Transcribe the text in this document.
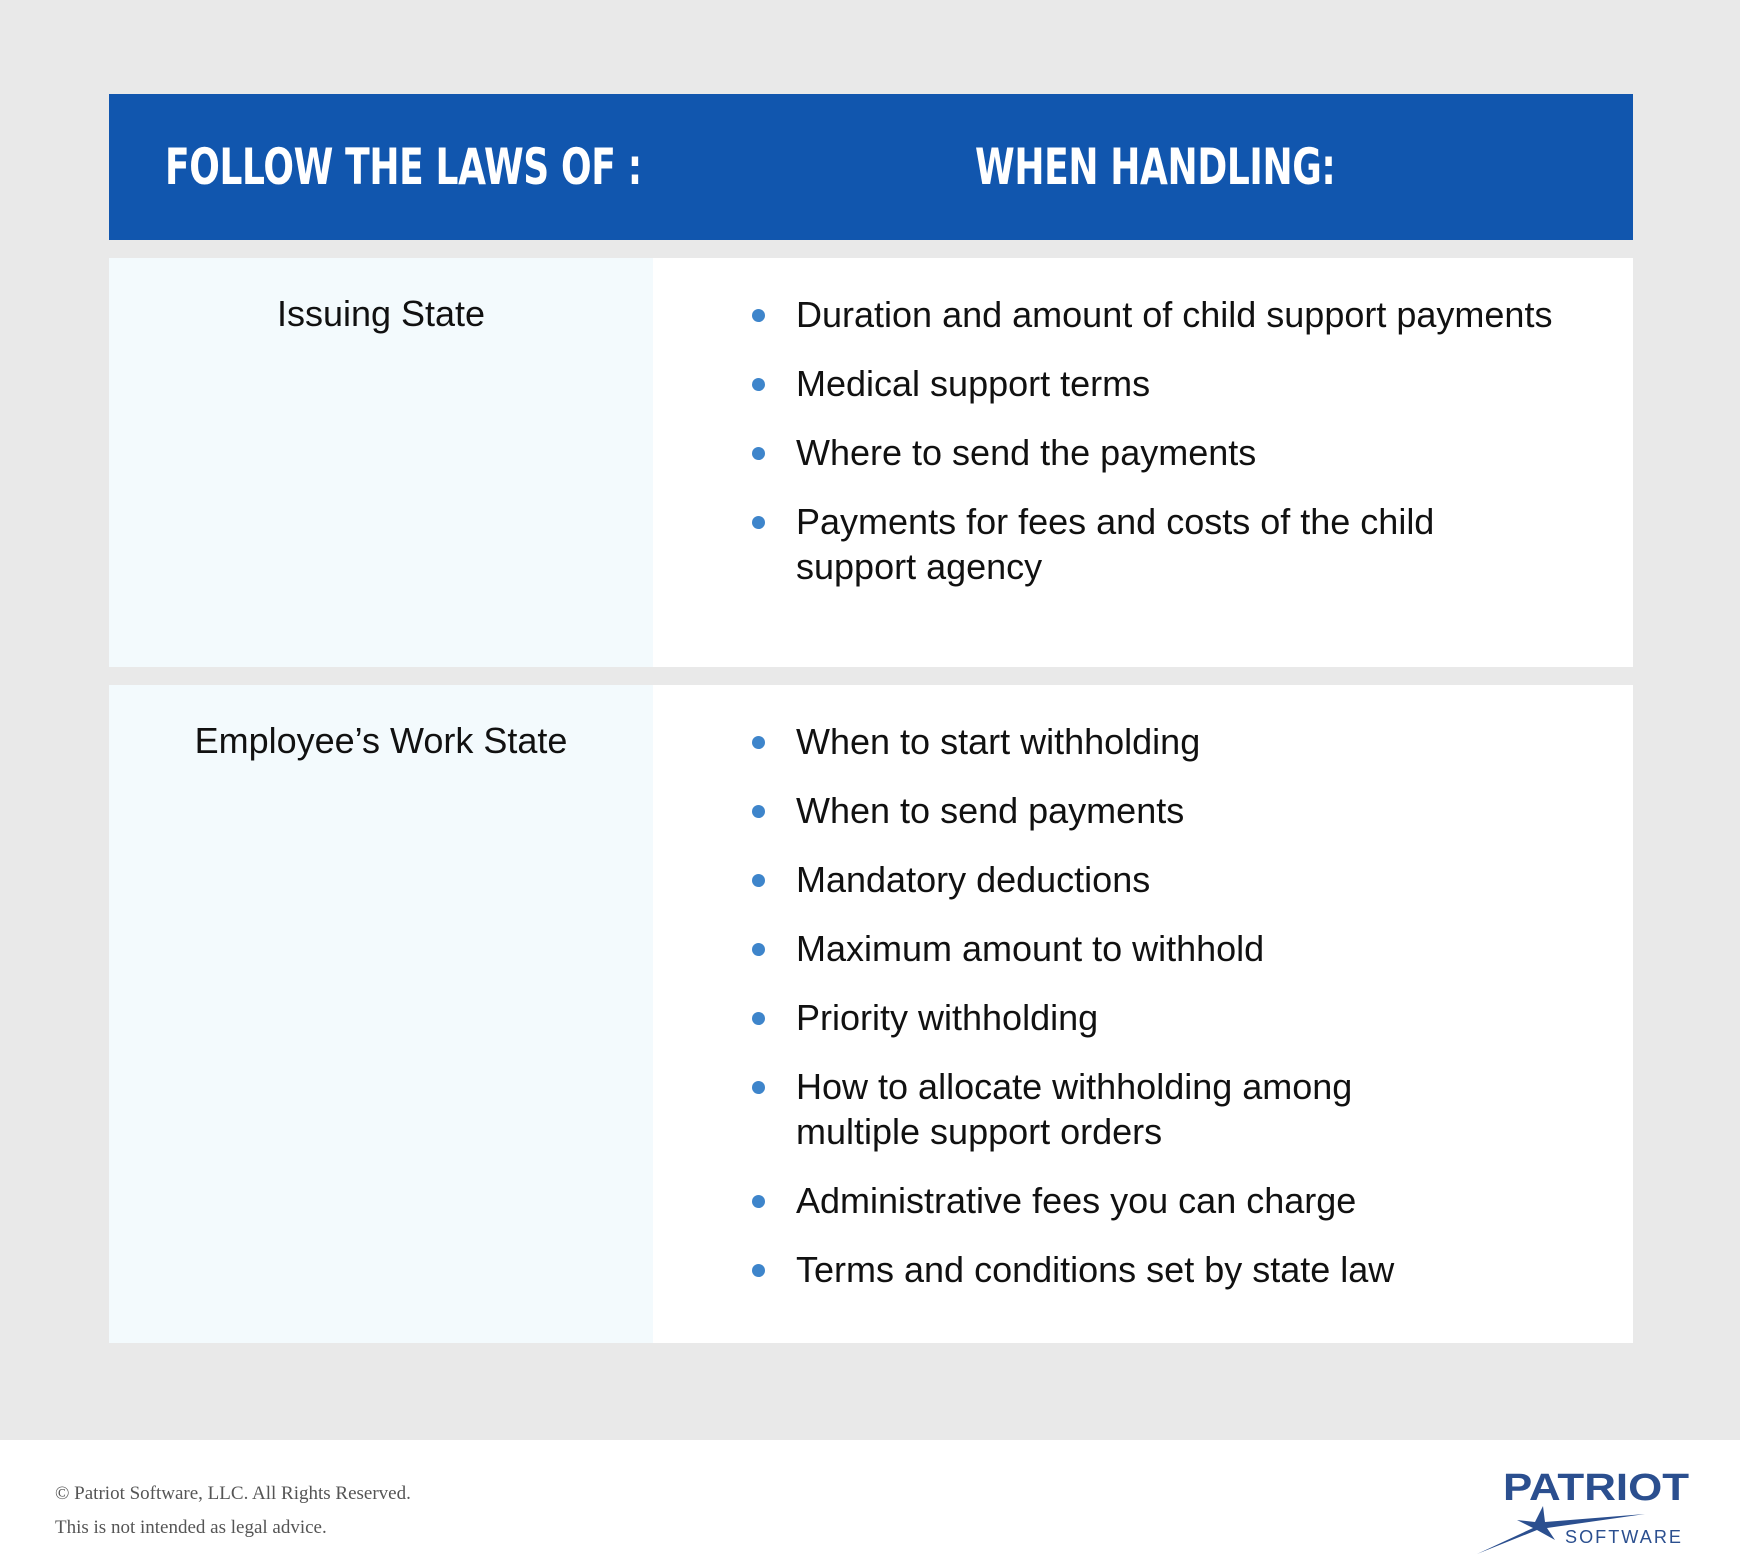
FOLLOW THE LAWS OF :	WHEN HANDLING:
Issuing State	Duration and amount of child support payments
Medical support terms
Where to send the payments
Payments for fees and costs of the child support agency
Employee’s Work State	When to start withholding
When to send payments
Mandatory deductions
Maximum amount to withhold
Priority withholding
How to allocate withholding among multiple support orders
Administrative fees you can charge
Terms and conditions set by state law
© Patriot Software, LLC. All Rights Reserved.
This is not intended as legal advice.
PATRIOT
SOFTWARE
